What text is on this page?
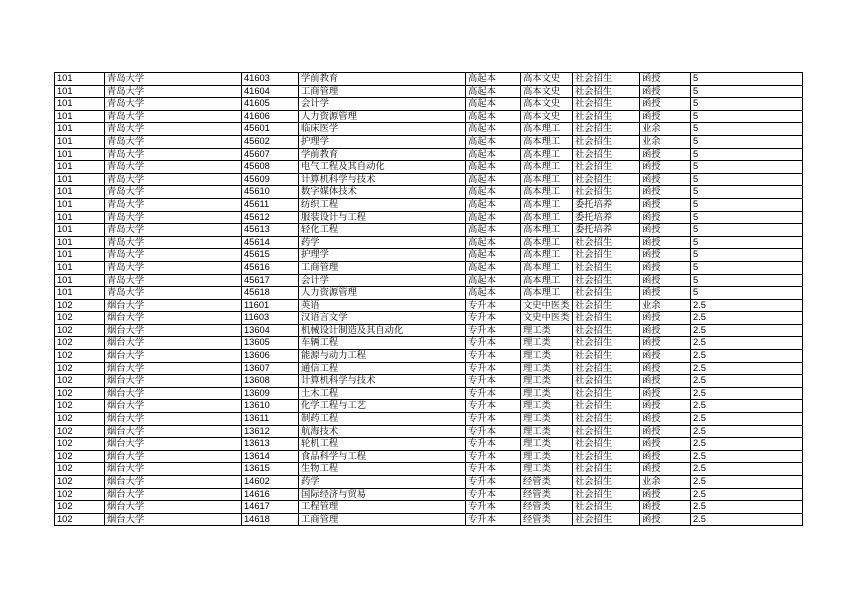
101	青岛大学	41603	学前教育	高起本	高本文史	社会招生	函授	5
101	青岛大学	41604	工商管理	高起本	高本文史	社会招生	函授	5
101	青岛大学	41605	会计学	高起本	高本文史	社会招生	函授	5
101	青岛大学	41606	人力资源管理	高起本	高本文史	社会招生	函授	5
101	青岛大学	45601	临床医学	高起本	高本理工	社会招生	业余	5
101	青岛大学	45602	护理学	高起本	高本理工	社会招生	业余	5
101	青岛大学	45607	学前教育	高起本	高本理工	社会招生	函授	5
101	青岛大学	45608	电气工程及其自动化	高起本	高本理工	社会招生	函授	5
101	青岛大学	45609	计算机科学与技术	高起本	高本理工	社会招生	函授	5
101	青岛大学	45610	数字媒体技术	高起本	高本理工	社会招生	函授	5
101	青岛大学	45611	纺织工程	高起本	高本理工	委托培养	函授	5
101	青岛大学	45612	服装设计与工程	高起本	高本理工	委托培养	函授	5
101	青岛大学	45613	轻化工程	高起本	高本理工	委托培养	函授	5
101	青岛大学	45614	药学	高起本	高本理工	社会招生	函授	5
101	青岛大学	45615	护理学	高起本	高本理工	社会招生	函授	5
101	青岛大学	45616	工商管理	高起本	高本理工	社会招生	函授	5
101	青岛大学	45617	会计学	高起本	高本理工	社会招生	函授	5
101	青岛大学	45618	人力资源管理	高起本	高本理工	社会招生	函授	5
102	烟台大学	11601	英语	专升本	文史中医类	社会招生	业余	2.5
102	烟台大学	11603	汉语言文学	专升本	文史中医类	社会招生	函授	2.5
102	烟台大学	13604	机械设计制造及其自动化	专升本	理工类	社会招生	函授	2.5
102	烟台大学	13605	车辆工程	专升本	理工类	社会招生	函授	2.5
102	烟台大学	13606	能源与动力工程	专升本	理工类	社会招生	函授	2.5
102	烟台大学	13607	通信工程	专升本	理工类	社会招生	函授	2.5
102	烟台大学	13608	计算机科学与技术	专升本	理工类	社会招生	函授	2.5
102	烟台大学	13609	土木工程	专升本	理工类	社会招生	函授	2.5
102	烟台大学	13610	化学工程与工艺	专升本	理工类	社会招生	函授	2.5
102	烟台大学	13611	制药工程	专升本	理工类	社会招生	函授	2.5
102	烟台大学	13612	航海技术	专升本	理工类	社会招生	函授	2.5
102	烟台大学	13613	轮机工程	专升本	理工类	社会招生	函授	2.5
102	烟台大学	13614	食品科学与工程	专升本	理工类	社会招生	函授	2.5
102	烟台大学	13615	生物工程	专升本	理工类	社会招生	函授	2.5
102	烟台大学	14602	药学	专升本	经管类	社会招生	业余	2.5
102	烟台大学	14616	国际经济与贸易	专升本	经管类	社会招生	函授	2.5
102	烟台大学	14617	工程管理	专升本	经管类	社会招生	函授	2.5
102	烟台大学	14618	工商管理	专升本	经管类	社会招生	函授	2.5
